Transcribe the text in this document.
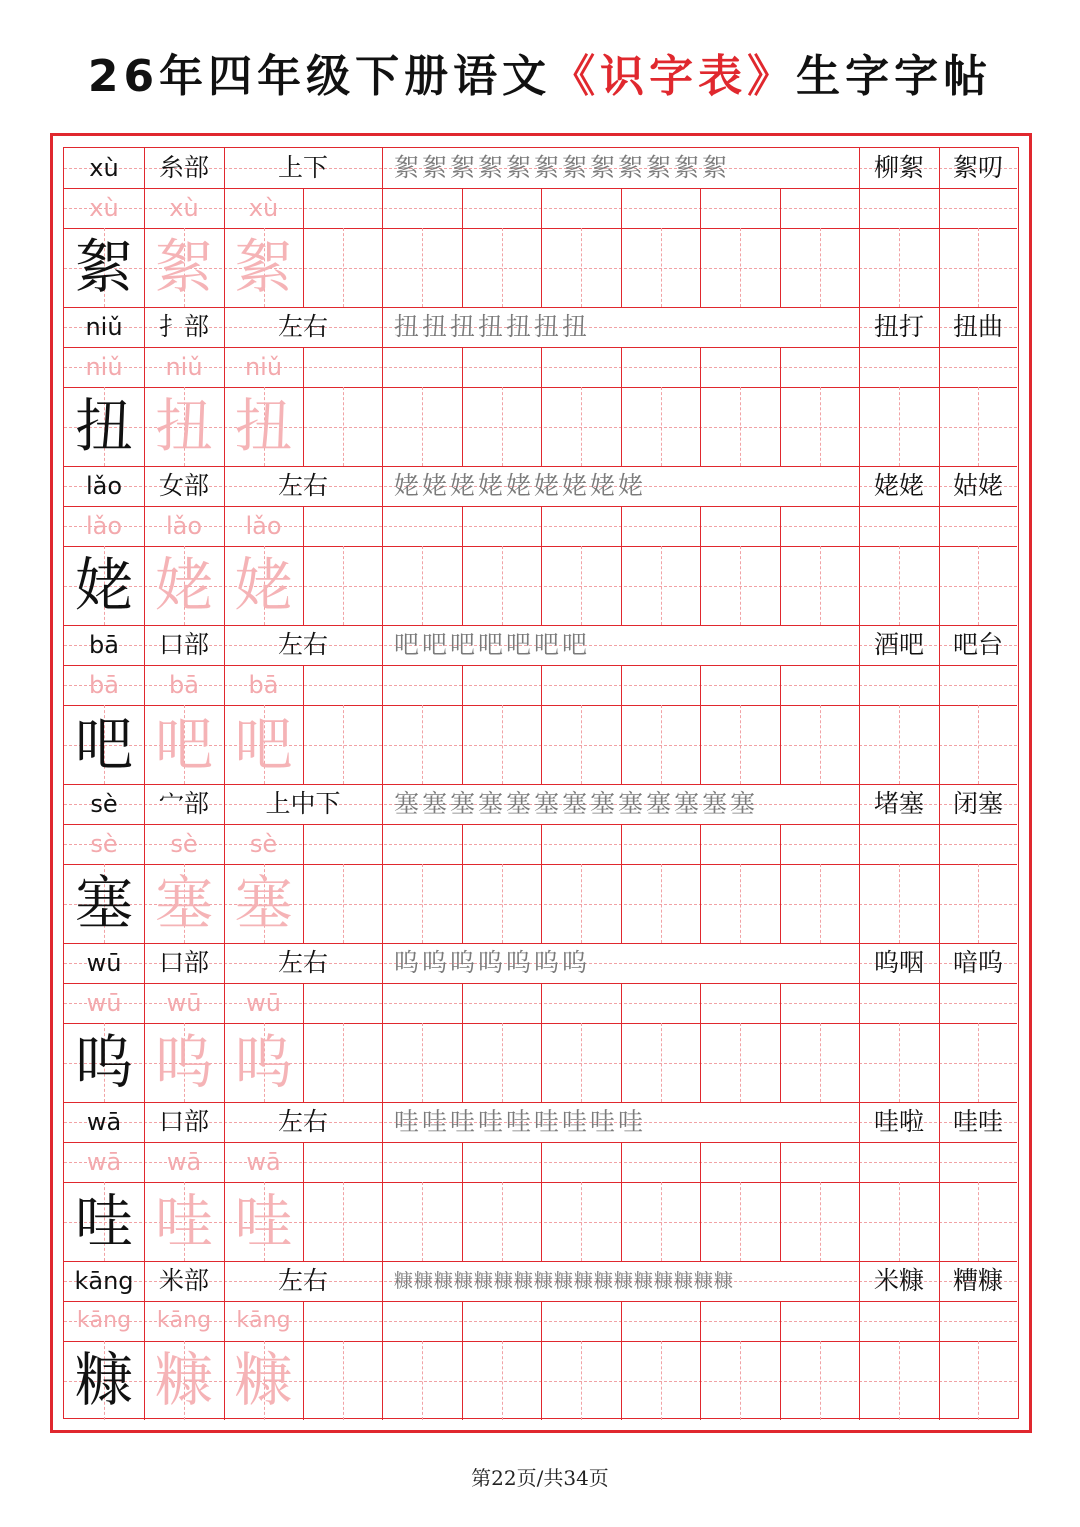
26年四年级下册语文《识字表》生字字帖
xù	糸部	上下	絮絮絮絮絮絮絮絮絮絮絮絮	柳絮	絮叨
xù	xù	xù
絮 絮 絮
niǔ	扌部	左右	扭扭扭扭扭扭扭	扭打	扭曲
niǔ	niǔ	niǔ
扭 扭 扭
lǎo	女部	左右	姥姥姥姥姥姥姥姥姥	姥姥	姑姥
lǎo	lǎo	lǎo
姥 姥 姥
bā	口部	左右	吧吧吧吧吧吧吧	酒吧	吧台
bā	bā	bā
吧 吧 吧
sè	宀部	上中下	塞塞塞塞塞塞塞塞塞塞塞塞塞	堵塞	闭塞
sè	sè	sè
塞 塞 塞
wū	口部	左右	呜呜呜呜呜呜呜	呜咽	喑呜
wū	wū	wū
呜 呜 呜
wā	口部	左右	哇哇哇哇哇哇哇哇哇	哇啦	哇哇
wā	wā	wā
哇 哇 哇
kāng	米部	左右	糠糠糠糠糠糠糠糠糠糠糠糠糠糠糠糠糠	米糠	糟糠
kāng	kāng	kāng
糠 糠 糠
第22页/共34页
